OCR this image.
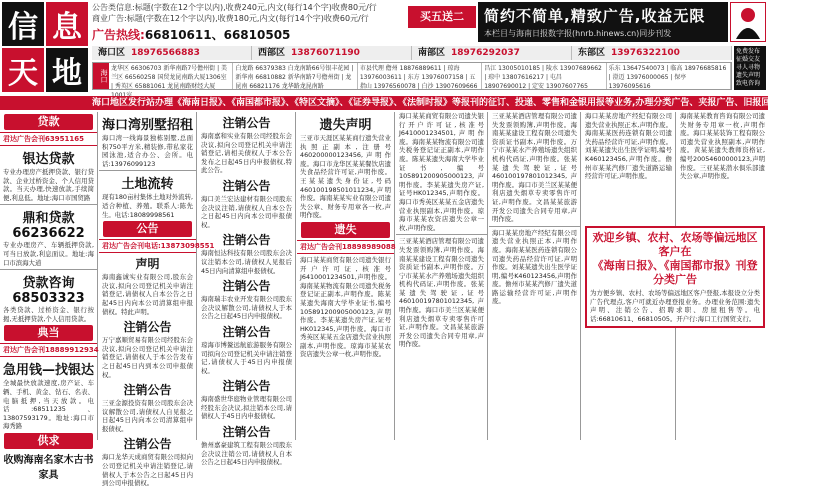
信 息
天 地
公告类信息:标题(字数在12个字以内),收费240元,内文(每行14个字)收费80元/行
商业广告:标题(字数在12个字以内),收费180元,内文(每行14个字)收费60元/行
广告热线:66810611、66810505
买五送二	简约不简单,精致广告,收益无限
本栏目与海南日报数字报(hnrb.hinews.cn)同步刊发
海口区 18976566883	西部区 13876071190	南部区 18976292037	东部区 13976322100
海口
龙华区 66306703 新华南路7号儋州街 | 美兰区 66560258 国贸龙昆南路大厦1306室 | 秀英区 65881061 龙昆南路财经大厦
白龙路 66379383 白龙南路66号银丰花园 | 新华南 66810882 新华南路7号儋州街 | 龙昆南 66821176 龙华路龙昆南路
市县代理 儋州 18876889611 | 琼海 13976003611 | 东方 13976007158 | 五指山 13976560078 | 白沙 13907609666
昌江 13005010185 | 陵水 13907689662 | 琼中 13807616217 | 屯昌 18907690012 | 定安 13907607765
乐东 13647540073 | 临高 18976685816 | 澄迈 13976000065 | 保亭 13976095616
免费发布 征婚交友 寻人寻物 遗失声明 致电咨询
海口地区发行站办理《海南日报》、《南国都市报》、《特区文摘》、《证券导报》、《法制时报》等报刊的征订、投递、零售和金银用报等业务,办理分类广告、夹报广告、旧报回收及其它业务。
贷款
君达广告会刊63951165
银达贷款
专业办理房产抵押贷款、银行贷款、企业过桥资金、个人信用贷款。当天办理,快速放款,手续简便,利息低。地址:海口市国贸路
鼎和贷款66236622
专业办理房产、车辆抵押贷款,可当日放款,利息面议。地址:海口市滨海大道
贷款咨询68503323
各类贷款、过桥资金、银行按揭,无抵押贷款,个人信用贷款。
典当
君达广告会刊18889912934
急用钱—找银达
全城最快放款速度,房产证、车辆、手机、黄金、钻石、名表、电脑抵押,当天放款。电话:68511235、13807593179。地址:海口市海秀路
供求
收购海南名家木古书家具
海口湾别墅招租
海口湾一线海景独栋别墅,总面积750平方米,精装修,带私家花园泳池,适合办公、会所。电话:13976099123
土地流转
现有180亩村集体土地对外流转,适合种植、养殖。联系人:陈先生。电话:18089998561
公告
君达广告会刊电话:13873098551
声明
海南鑫诚实业有限公司,股东会决议,拟向公司登记机关申请注销登记,请债权人自本公告之日起45日内向本公司清算组申报债权。特此声明。
注销公告
万宁嘉顺贸易有限公司经股东会决议,拟向公司登记机关申请注销登记,请债权人于本公告发布之日起45日内到本公司申报债权。
注销公告
三亚金源投资有限公司股东会决议解散公司,请债权人自见报之日起45日内向本公司清算组申报债权。
注销公告
海口龙华天成商贸有限公司拟向公司登记机关申请注销登记,请债权人于本公告之日起45日内到公司申报债权。
注销公告
海南嘉和实业有限公司经股东会决议,拟向公司登记机关申请注销登记,请相关债权人于本公告发布之日起45日内申报债权,特此公告。
注销公告
海口美兰宏达建材有限公司股东会决议注销,请债权人自本公告之日起45日内向本公司申报债权。
注销公告
海南恒达科技有限公司股东会决议注销本公司,请债权人见报后45日内向清算组申报债权。
注销公告
海南瑞丰农业开发有限公司股东会决议解散公司,请债权人于本公告之日起45日内申报债权。
注销公告
琼海市博鳌远航旅游服务有限公司拟向公司登记机关申请注销登记,请债权人于45日内申报债权。
注销公告
海南盛世华庭物业管理有限公司经股东会决议,拟注销本公司,请债权人于45日内申报债权。
注销公告
儋州嘉豪建筑工程有限公司股东会决议注销公司,请债权人自本公告之日起45日内申报债权。
遗失声明
三亚市天涯区某某商行遗失营业执照正副本,注册号460200000123456,声明作废。海口市龙华区某某餐饮店遗失食品经营许可证,声明作废。王某某遗失身份证,号码460100198501011234,声明作废。海南某某实业有限公司遗失公章、财务专用章各一枚,声明作废。
遗失
君达广告会刊18898989088
海口某某商贸有限公司遗失银行开户许可证,核准号J6410001234501,声明作废。海南某某物流有限公司遗失税务登记证正副本,声明作废。陈某某遗失海南大学毕业证书,编号105891200905000123,声明作废。李某某遗失房产证,证号HK012345,声明作废。海口市秀英区某某五金店遗失营业执照副本,声明作废。琼海市某某农资店遗失公章一枚,声明作废。
海口某某商贸有限公司遗失银行开户许可证,核准号J6410001234501,声明作废。海南某某物流有限公司遗失税务登记证正副本,声明作废。陈某某遗失海南大学毕业证书,编号105891200905000123,声明作废。李某某遗失房产证,证号HK012345,声明作废。海口市秀英区某某五金店遗失营业执照副本,声明作废。琼海市某某农资店遗失公章一枚,声明作废。
三亚某某酒店管理有限公司遗失发票领购簿,声明作废。海南某某建设工程有限公司遗失资质证书副本,声明作废。万宁市某某水产养殖场遗失组织机构代码证,声明作废。张某某遗失驾驶证,证号460100197801012345,声明作废。海口市美兰区某某便利店遗失烟草专卖零售许可证,声明作废。文昌某某旅游开发公司遗失合同专用章,声明作废。
三亚某某酒店管理有限公司遗失发票领购簿,声明作废。海南某某建设工程有限公司遗失资质证书副本,声明作废。万宁市某某水产养殖场遗失组织机构代码证,声明作废。张某某遗失驾驶证,证号460100197801012345,声明作废。海口市美兰区某某便利店遗失烟草专卖零售许可证,声明作废。文昌某某旅游开发公司遗失合同专用章,声明作废。
海口某某房地产经纪有限公司遗失营业执照正本,声明作废。海南某某医药连锁有限公司遗失药品经营许可证,声明作废。刘某某遗失出生医学证明,编号K460123456,声明作废。儋州市某某汽修厂遗失道路运输经营许可证,声明作废。
海口某某房地产经纪有限公司遗失营业执照正本,声明作废。海南某某医药连锁有限公司遗失药品经营许可证,声明作废。刘某某遗失出生医学证明,编号K460123456,声明作废。儋州市某某汽修厂遗失道路运输经营许可证,声明作废。
海南某某教育咨询有限公司遗失财务专用章一枚,声明作废。海口某某装饰工程有限公司遗失营业执照副本,声明作废。黄某某遗失教师资格证,编号20054600000123,声明作废。三亚某某潜水俱乐部遗失公章,声明作废。
欢迎乡镇、农村、农场等偏远地区客户在
《海南日报》、《南国都市报》刊登分类广告
为方便乡镇、农村、农场等偏远地区客户登报,本报设立分类广告代理点,客户可就近办理登报业务。办理业务范围:遗失声明、注销公告、招聘求职、房屋租售等。电话:66810611、66810505。开户行:海口工行国贸支行。
